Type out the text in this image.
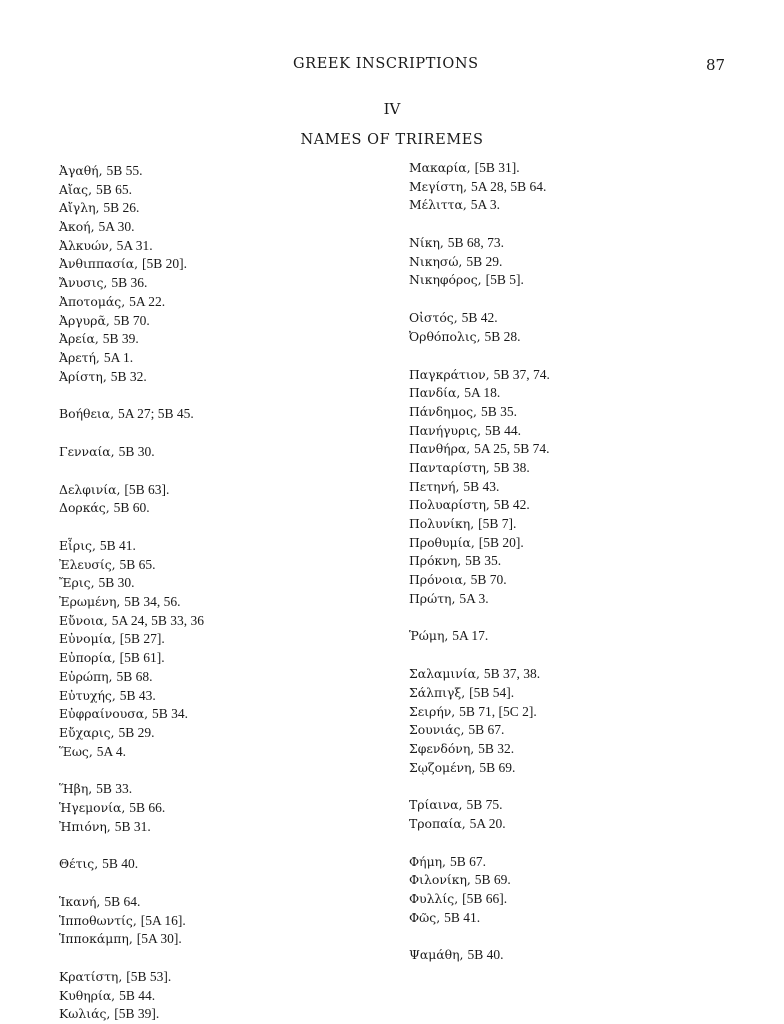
GREEK INSCRIPTIONS	87
IV
NAMES OF TRIREMES
Ἀγαθή, 5B 55.
Αἴας, 5B 65.
Αἴγλη, 5B 26.
Ἀκοή, 5A 30.
Ἀλκυών, 5A 31.
Ἀνθιππασία, [5B 20].
Ἄνυσις, 5B 36.
Ἀποτομάς, 5A 22.
Ἀργυρᾶ, 5B 70.
Ἀρεία, 5B 39.
Ἀρετή, 5A 1.
Ἀρίστη, 5B 32.
Βοήθεια, 5A 27; 5B 45.
Γενναία, 5B 30.
Δελφινία, [5B 63].
Δορκάς, 5B 60.
Εἶρις, 5B 41.
Ἐλευσίς, 5B 65.
Ἔρις, 5B 30.
Ἐρωμένη, 5B 34, 56.
Εὔνοια, 5A 24, 5B 33, 36
Εὐνομία, [5B 27].
Εὐπορία, [5B 61].
Εὐρώπη, 5B 68.
Εὐτυχής, 5B 43.
Εὐφραίνουσα, 5B 34.
Εὔχαρις, 5B 29.
Ἕως, 5A 4.
Ἥβη, 5B 33.
Ἡγεμονία, 5B 66.
Ἠπιόνη, 5B 31.
Θέτις, 5B 40.
Ἱκανή, 5B 64.
Ἱπποθωντίς, [5A 16].
Ἱπποκάμπη, [5A 30].
Κρατίστη, [5B 53].
Κυθηρία, 5B 44.
Κωλιάς, [5B 39].
Μακαρία, [5B 31].
Μεγίστη, 5A 28, 5B 64.
Μέλιττα, 5A 3.
Νίκη, 5B 68, 73.
Νικησώ, 5B 29.
Νικηφόρος, [5B 5].
Οἰστός, 5B 42.
Ὀρθόπολις, 5B 28.
Παγκράτιον, 5B 37, 74.
Πανδία, 5A 18.
Πάνδημος, 5B 35.
Πανήγυρις, 5B 44.
Πανθήρα, 5A 25, 5B 74.
Πανταρίστη, 5B 38.
Πετηνή, 5B 43.
Πολυαρίστη, 5B 42.
Πολυνίκη, [5B 7].
Προθυμία, [5B 20].
Πρόκνη, 5B 35.
Πρόνοια, 5B 70.
Πρώτη, 5A 3.
Ῥώμη, 5A 17.
Σαλαμινία, 5B 37, 38.
Σάλπιγξ, [5B 54].
Σειρήν, 5B 71, [5C 2].
Σουνιάς, 5B 67.
Σφενδόνη, 5B 32.
Σῳζομένη, 5B 69.
Τρίαινα, 5B 75.
Τροπαία, 5A 20.
Φήμη, 5B 67.
Φιλονίκη, 5B 69.
Φυλλίς, [5B 66].
Φῶς, 5B 41.
Ψαμάθη, 5B 40.
